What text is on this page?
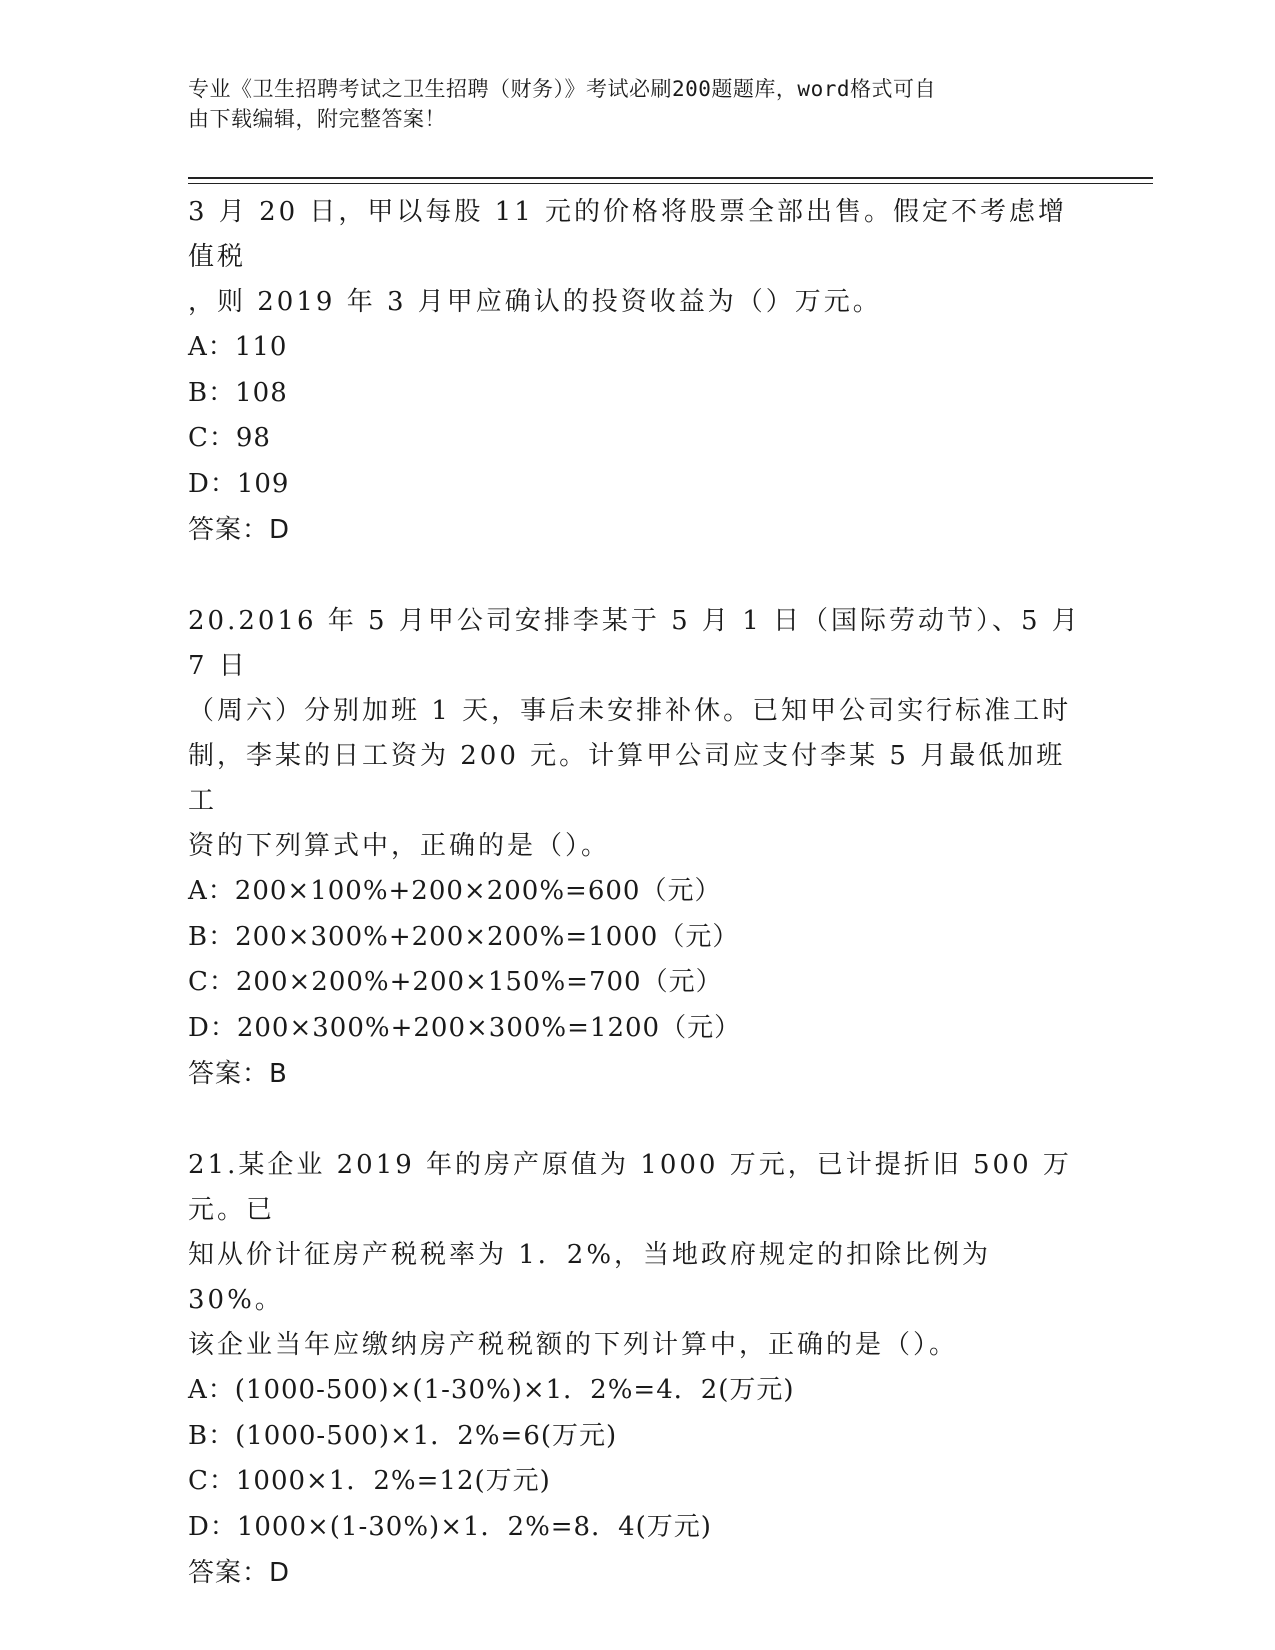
专业《卫生招聘考试之卫生招聘（财务）》考试必刷200题题库，word格式可自
由下载编辑，附完整答案！

3 月 20 日，甲以每股 11 元的价格将股票全部出售。假定不考虑增值税

，则 2019 年 3 月甲应确认的投资收益为（）万元。

A：110

B：108

C：98

D：109

答案：D

20.2016 年 5 月甲公司安排李某于 5 月 1 日（国际劳动节）、5 月 7 日

（周六）分别加班 1 天，事后未安排补休。已知甲公司实行标准工时

制，李某的日工资为 200 元。计算甲公司应支付李某 5 月最低加班工

资的下列算式中，正确的是（）。

A：200×100%+200×200%=600（元）

B：200×300%+200×200%=1000（元）

C：200×200%+200×150%=700（元）

D：200×300%+200×300%=1200（元）

答案：B

21.某企业 2019 年的房产原值为 1000 万元，已计提折旧 500 万元。已

知从价计征房产税税率为 1．2%，当地政府规定的扣除比例为 30%。

该企业当年应缴纳房产税税额的下列计算中，正确的是（）。

A：(1000-500)×(1-30%)×1．2%=4．2(万元)

B：(1000-500)×1．2%=6(万元)

C：1000×1．2%=12(万元)

D：1000×(1-30%)×1．2%=8．4(万元)

答案：D
